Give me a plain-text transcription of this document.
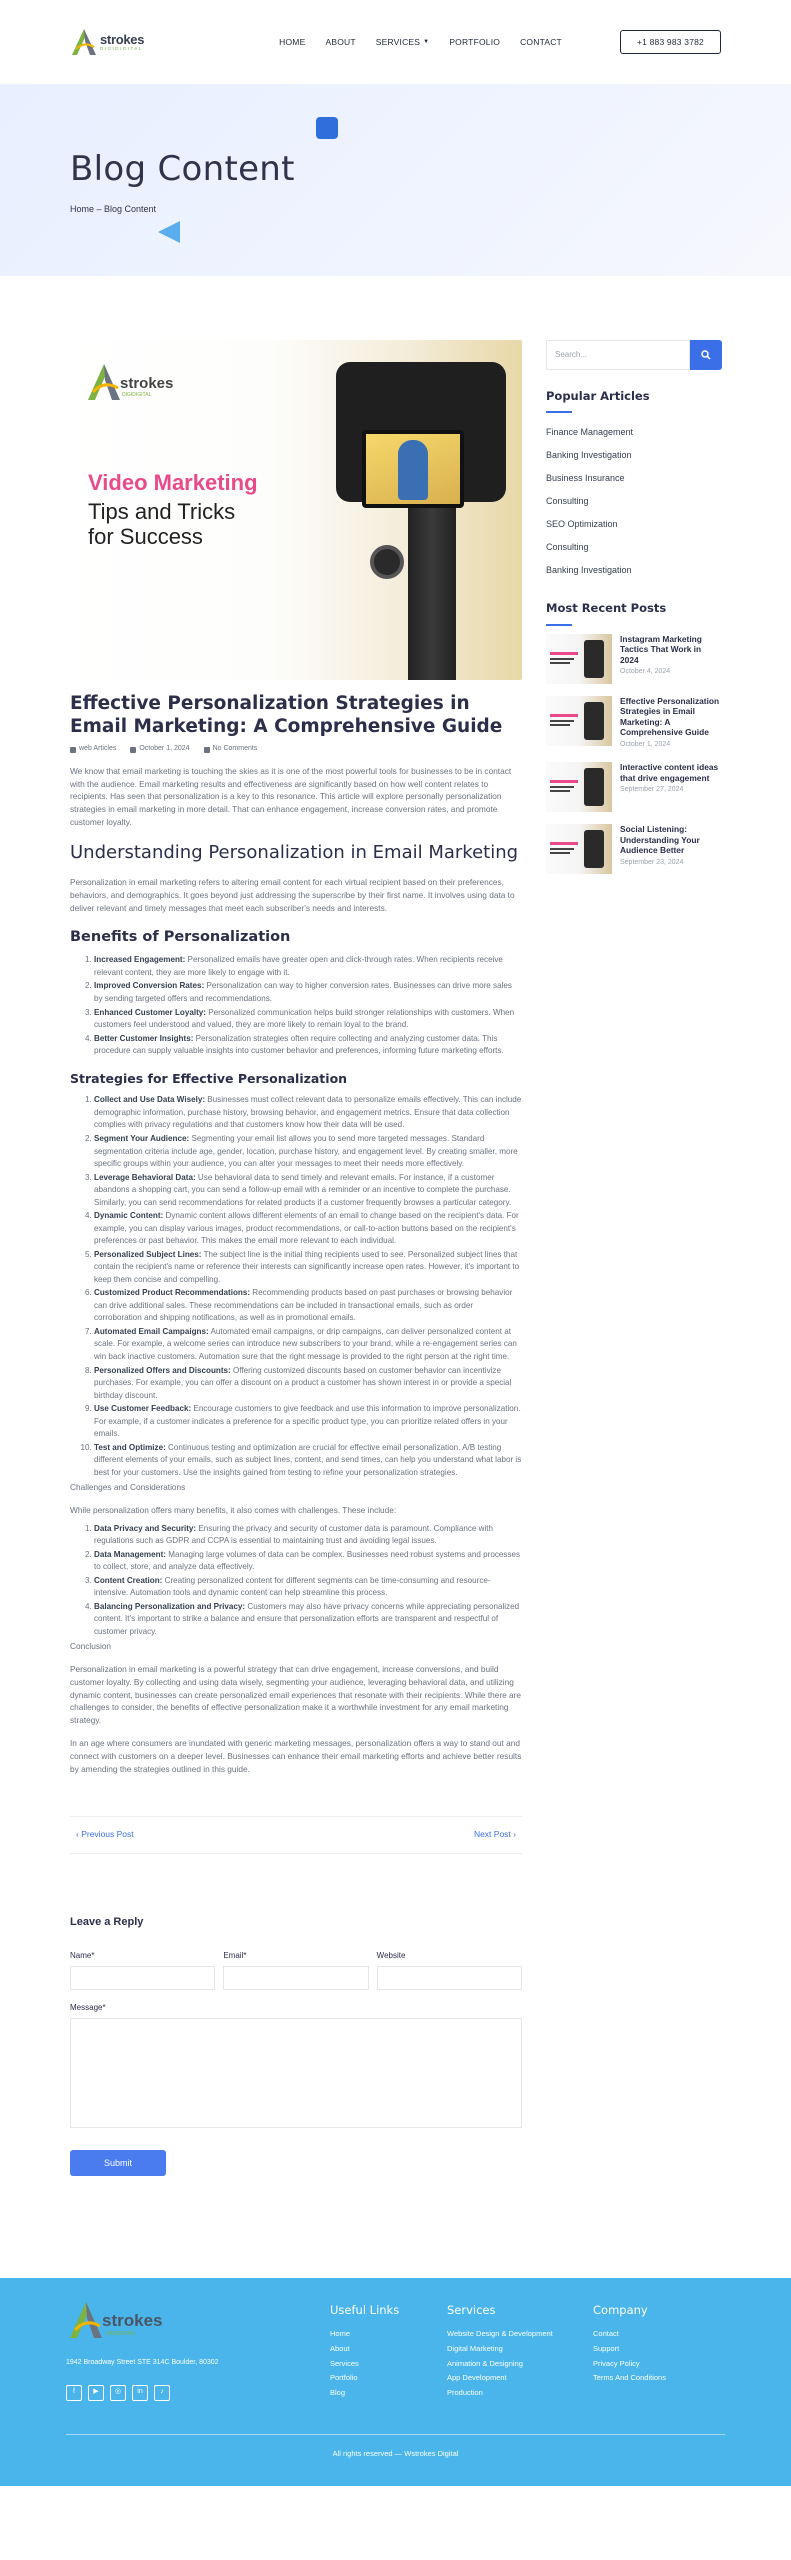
strokes
DIGIDIGITAL
HOME ABOUT SERVICES ▼ PORTFOLIO CONTACT	+1 883 983 3782
Blog Content
Home – Blog Content
strokes
DIGIDIGITAL
Video Marketing
Tips and Tricks
for Success
Effective Personalization Strategies in Email Marketing: A Comprehensive Guide
web Articles	October 1, 2024	No Comments

We know that email marketing is touching the skies as it is one of the most powerful tools for businesses to be in contact with the audience. Email marketing results and effectiveness are significantly based on how well content relates to recipients. Has seen that personalization is a key to this resonance. This article will explore personally personalization strategies in email marketing in more detail. That can enhance engagement, increase conversion rates, and promote customer loyalty.

Understanding Personalization in Email Marketing

Personalization in email marketing refers to altering email content for each virtual recipient based on their preferences, behaviors, and demographics. It goes beyond just addressing the superscribe by their first name. It involves using data to deliver relevant and timely messages that meet each subscriber's needs and interests.

Benefits of Personalization
1. Increased Engagement: Personalized emails have greater open and click-through rates. When recipients receive relevant content, they are more likely to engage with it.
2. Improved Conversion Rates: Personalization can way to higher conversion rates. Businesses can drive more sales by sending targeted offers and recommendations.
3. Enhanced Customer Loyalty: Personalized communication helps build stronger relationships with customers. When customers feel understood and valued, they are more likely to remain loyal to the brand.
4. Better Customer Insights: Personalization strategies often require collecting and analyzing customer data. This procedure can supply valuable insights into customer behavior and preferences, informing future marketing efforts.
Strategies for Effective Personalization
1. Collect and Use Data Wisely: Businesses must collect relevant data to personalize emails effectively. This can include demographic information, purchase history, browsing behavior, and engagement metrics. Ensure that data collection complies with privacy regulations and that customers know how their data will be used.
2. Segment Your Audience: Segmenting your email list allows you to send more targeted messages. Standard segmentation criteria include age, gender, location, purchase history, and engagement level. By creating smaller, more specific groups within your audience, you can alter your messages to meet their needs more effectively.
3. Leverage Behavioral Data: Use behavioral data to send timely and relevant emails. For instance, if a customer abandons a shopping cart, you can send a follow-up email with a reminder or an incentive to complete the purchase. Similarly, you can send recommendations for related products if a customer frequently browses a particular category.
4. Dynamic Content: Dynamic content allows different elements of an email to change based on the recipient's data. For example, you can display various images, product recommendations, or call-to-action buttons based on the recipient's preferences or past behavior. This makes the email more relevant to each individual.
5. Personalized Subject Lines: The subject line is the initial thing recipients used to see. Personalized subject lines that contain the recipient's name or reference their interests can significantly increase open rates. However, it's important to keep them concise and compelling.
6. Customized Product Recommendations: Recommending products based on past purchases or browsing behavior can drive additional sales. These recommendations can be included in transactional emails, such as order corroboration and shipping notifications, as well as in promotional emails.
7. Automated Email Campaigns: Automated email campaigns, or drip campaigns, can deliver personalized content at scale. For example, a welcome series can introduce new subscribers to your brand, while a re-engagement series can win back inactive customers. Automation sure that the right message is provided to the right person at the right time.
8. Personalized Offers and Discounts: Offering customized discounts based on customer behavior can incentivize purchases. For example, you can offer a discount on a product a customer has shown interest in or provide a special birthday discount.
9. Use Customer Feedback: Encourage customers to give feedback and use this information to improve personalization. For example, if a customer indicates a preference for a specific product type, you can prioritize related offers in your emails.
10. Test and Optimize: Continuous testing and optimization are crucial for effective email personalization. A/B testing different elements of your emails, such as subject lines, content, and send times, can help you understand what labor is best for your customers. Use the insights gained from testing to refine your personalization strategies.
Challenges and Considerations

While personalization offers many benefits, it also comes with challenges. These include:

1. Data Privacy and Security: Ensuring the privacy and security of customer data is paramount. Compliance with regulations such as GDPR and CCPA is essential to maintaining trust and avoiding legal issues.
2. Data Management: Managing large volumes of data can be complex. Businesses need robust systems and processes to collect, store, and analyze data effectively.
3. Content Creation: Creating personalized content for different segments can be time-consuming and resource-intensive. Automation tools and dynamic content can help streamline this process.
4. Balancing Personalization and Privacy: Customers may also have privacy concerns while appreciating personalized content. It's important to strike a balance and ensure that personalization efforts are transparent and respectful of customer privacy.
Conclusion

Personalization in email marketing is a powerful strategy that can drive engagement, increase conversions, and build customer loyalty. By collecting and using data wisely, segmenting your audience, leveraging behavioral data, and utilizing dynamic content, businesses can create personalized email experiences that resonate with their recipients. While there are challenges to consider, the benefits of effective personalization make it a worthwhile investment for any email marketing strategy.

In an age where consumers are inundated with generic marketing messages, personalization offers a way to stand out and connect with customers on a deeper level. Businesses can enhance their email marketing efforts and achieve better results by amending the strategies outlined in this guide.

‹ Previous Post	Next Post ›
Leave a Reply
Name*	Email*	Website
Message*
Submit
Search...
Popular Articles
Finance Management
Banking Investigation
Business Insurance
Consulting
SEO Optimization
Consulting
Banking Investigation
Most Recent Posts
Instagram Marketing Tactics That Work in 2024
October 4, 2024
Effective Personalization Strategies in Email Marketing: A Comprehensive Guide
October 1, 2024
Interactive content ideas that drive engagement
September 27, 2024
Social Listening: Understanding Your Audience Better
September 23, 2024
strokes
DIGIDIGITAL
1942 Broadway Street STE 314C Boulder, 80302
f	▶	◎	in	♪
Useful Links
Home
About
Services
Portfolio
Blog
Services
Website Design & Development
Digital Marketing
Animation & Designing
App Development
Production
Company
Contact
Support
Privacy Policy
Terms And Conditions
All rights reserved — Wstrokes Digital
